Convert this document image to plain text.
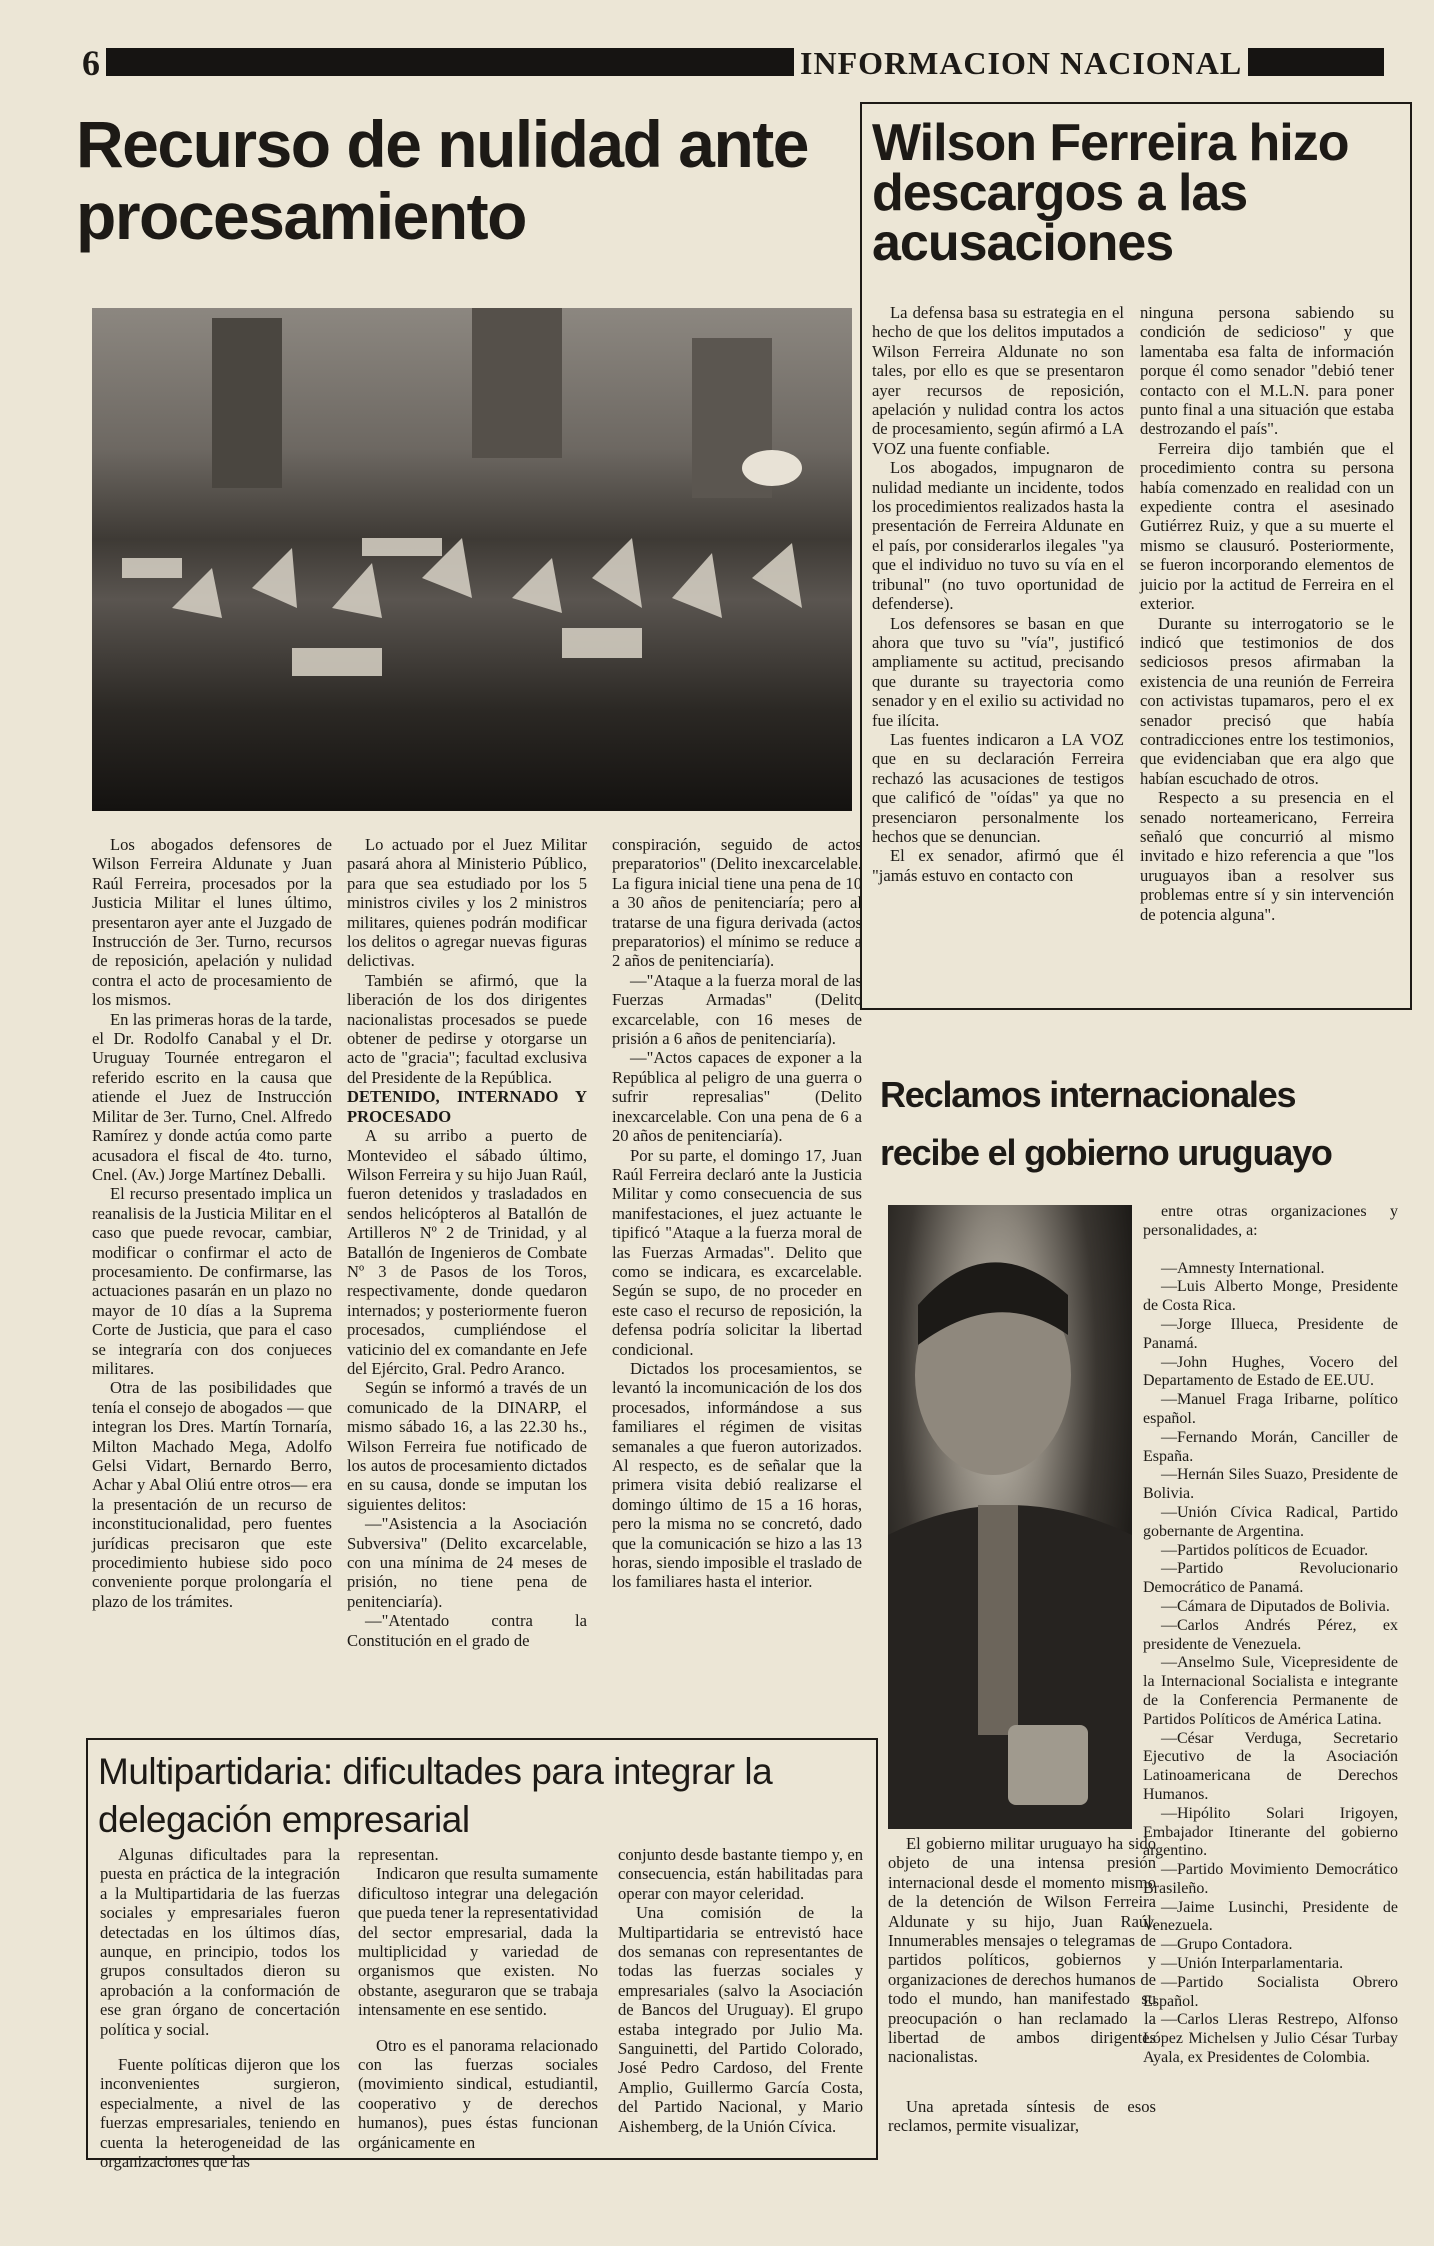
6	INFORMACION NACIONAL
Recurso de nulidad ante procesamiento

Los abogados defensores de Wilson Ferreira Aldunate y Juan Raúl Ferreira, procesados por la Justicia Militar el lunes último, presentaron ayer ante el Juzgado de Instrucción de 3er. Turno, recursos de reposición, apelación y nulidad contra el acto de procesamiento de los mismos.

En las primeras horas de la tarde, el Dr. Rodolfo Canabal y el Dr. Uruguay Tournée entregaron el referido escrito en la causa que atiende el Juez de Instrucción Militar de 3er. Turno, Cnel. Alfredo Ramírez y donde actúa como parte acusadora el fiscal de 4to. turno, Cnel. (Av.) Jorge Martínez Deballi.

El recurso presentado implica un reanalisis de la Justicia Militar en el caso que puede revocar, cambiar, modificar o confirmar el acto de procesamiento. De confirmarse, las actuaciones pasarán en un plazo no mayor de 10 días a la Suprema Corte de Justicia, que para el caso se integraría con dos conjueces militares.

Otra de las posibilidades que tenía el consejo de abogados — que integran los Dres. Martín Tornaría, Milton Machado Mega, Adolfo Gelsi Vidart, Bernardo Berro, Achar y Abal Oliú entre otros— era la presentación de un recurso de inconstitucionalidad, pero fuentes jurídicas precisaron que este procedimiento hubiese sido poco conveniente porque prolongaría el plazo de los trámites.

Lo actuado por el Juez Militar pasará ahora al Ministerio Público, para que sea estudiado por los 5 ministros civiles y los 2 ministros militares, quienes podrán modificar los delitos o agregar nuevas figuras delictivas.

También se afirmó, que la liberación de los dos dirigentes nacionalistas procesados se puede obtener de pedirse y otorgarse un acto de "gracia"; facultad exclusiva del Presidente de la República.

DETENIDO, INTERNADO Y PROCESADO

A su arribo a puerto de Montevideo el sábado último, Wilson Ferreira y su hijo Juan Raúl, fueron detenidos y trasladados en sendos helicópteros al Batallón de Artilleros Nº 2 de Trinidad, y al Batallón de Ingenieros de Combate Nº 3 de Pasos de los Toros, respectivamente, donde quedaron internados; y posteriormente fueron procesados, cumpliéndose el vaticinio del ex comandante en Jefe del Ejército, Gral. Pedro Aranco.

Según se informó a través de un comunicado de la DINARP, el mismo sábado 16, a las 22.30 hs., Wilson Ferreira fue notificado de los autos de procesamiento dictados en su causa, donde se imputan los siguientes delitos:

—"Asistencia a la Asociación Subversiva" (Delito excarcelable, con una mínima de 24 meses de prisión, no tiene pena de penitenciaría).

—"Atentado contra la Constitución en el grado de

conspiración, seguido de actos preparatorios" (Delito inexcarcelable. La figura inicial tiene una pena de 10 a 30 años de penitenciaría; pero al tratarse de una figura derivada (actos preparatorios) el mínimo se reduce a 2 años de penitenciaría).

—"Ataque a la fuerza moral de las Fuerzas Armadas" (Delito excarcelable, con 16 meses de prisión a 6 años de penitenciaría).

—"Actos capaces de exponer a la República al peligro de una guerra o sufrir represalias" (Delito inexcarcelable. Con una pena de 6 a 20 años de penitenciaría).

Por su parte, el domingo 17, Juan Raúl Ferreira declaró ante la Justicia Militar y como consecuencia de sus manifestaciones, el juez actuante le tipificó "Ataque a la fuerza moral de las Fuerzas Armadas". Delito que como se indicara, es excarcelable. Según se supo, de no proceder en este caso el recurso de reposición, la defensa podría solicitar la libertad condicional.

Dictados los procesamientos, se levantó la incomunicación de los dos procesados, informándose a sus familiares el régimen de visitas semanales a que fueron autorizados. Al respecto, es de señalar que la primera visita debió realizarse el domingo último de 15 a 16 horas, pero la misma no se concretó, dado que la comunicación se hizo a las 13 horas, siendo imposible el traslado de los familiares hasta el interior.

Wilson Ferreira hizo descargos a las acusaciones

La defensa basa su estrategia en el hecho de que los delitos imputados a Wilson Ferreira Aldunate no son tales, por ello es que se presentaron ayer recursos de reposición, apelación y nulidad contra los actos de procesamiento, según afirmó a LA VOZ una fuente confiable.

Los abogados, impugnaron de nulidad mediante un incidente, todos los procedimientos realizados hasta la presentación de Ferreira Aldunate en el país, por considerarlos ilegales "ya que el individuo no tuvo su vía en el tribunal" (no tuvo oportunidad de defenderse).

Los defensores se basan en que ahora que tuvo su "vía", justificó ampliamente su actitud, precisando que durante su trayectoria como senador y en el exilio su actividad no fue ilícita.

Las fuentes indicaron a LA VOZ que en su declaración Ferreira rechazó las acusaciones de testigos que calificó de "oídas" ya que no presenciaron personalmente los hechos que se denuncian.

El ex senador, afirmó que él "jamás estuvo en contacto con

ninguna persona sabiendo su condición de sedicioso" y que lamentaba esa falta de información porque él como senador "debió tener contacto con el M.L.N. para poner punto final a una situación que estaba destrozando el país".

Ferreira dijo también que el procedimiento contra su persona había comenzado en realidad con un expediente contra el asesinado Gutiérrez Ruiz, y que a su muerte el mismo se clausuró. Posteriormente, se fueron incorporando elementos de juicio por la actitud de Ferreira en el exterior.

Durante su interrogatorio se le indicó que testimonios de dos sediciosos presos afirmaban la existencia de una reunión de Ferreira con activistas tupamaros, pero el ex senador precisó que había contradicciones entre los testimonios, que evidenciaban que era algo que habían escuchado de otros.

Respecto a su presencia en el senado norteamericano, Ferreira señaló que concurrió al mismo invitado e hizo referencia a que "los uruguayos iban a resolver sus problemas entre sí y sin intervención de potencia alguna".

Reclamos internacionales recibe el gobierno uruguayo

El gobierno militar uruguayo ha sido objeto de una intensa presión internacional desde el momento mismo de la detención de Wilson Ferreira Aldunate y su hijo, Juan Raúl. Innumerables mensajes o telegramas de partidos políticos, gobiernos y organizaciones de derechos humanos de todo el mundo, han manifestado su preocupación o han reclamado la libertad de ambos dirigentes nacionalistas.

Una apretada síntesis de esos reclamos, permite visualizar,

entre otras organizaciones y personalidades, a:

—Amnesty International.

—Luis Alberto Monge, Presidente de Costa Rica.

—Jorge Illueca, Presidente de Panamá.

—John Hughes, Vocero del Departamento de Estado de EE.UU.

—Manuel Fraga Iribarne, político español.

—Fernando Morán, Canciller de España.

—Hernán Siles Suazo, Presidente de Bolivia.

—Unión Cívica Radical, Partido gobernante de Argentina.

—Partidos políticos de Ecuador.

—Partido Revolucionario Democrático de Panamá.

—Cámara de Diputados de Bolivia.

—Carlos Andrés Pérez, ex presidente de Venezuela.

—Anselmo Sule, Vicepresidente de la Internacional Socialista e integrante de la Conferencia Permanente de Partidos Políticos de América Latina.

—César Verduga, Secretario Ejecutivo de la Asociación Latinoamericana de Derechos Humanos.

—Hipólito Solari Irigoyen, Embajador Itinerante del gobierno argentino.

—Partido Movimiento Democrático Brasileño.

—Jaime Lusinchi, Presidente de Venezuela.

—Grupo Contadora.

—Unión Interparlamentaria.

—Partido Socialista Obrero Español.

—Carlos Lleras Restrepo, Alfonso López Michelsen y Julio César Turbay Ayala, ex Presidentes de Colombia.

Multipartidaria: dificultades para integrar la delegación empresarial

Algunas dificultades para la puesta en práctica de la integración a la Multipartidaria de las fuerzas sociales y empresariales fueron detectadas en los últimos días, aunque, en principio, todos los grupos consultados dieron su aprobación a la conformación de ese gran órgano de concertación política y social.

Fuente políticas dijeron que los inconvenientes surgieron, especialmente, a nivel de las fuerzas empresariales, teniendo en cuenta la heterogeneidad de las organizaciones que las

representan.

Indicaron que resulta sumamente dificultoso integrar una delegación que pueda tener la representatividad del sector empresarial, dada la multiplicidad y variedad de organismos que existen. No obstante, aseguraron que se trabaja intensamente en ese sentido.

Otro es el panorama relacionado con las fuerzas sociales (movimiento sindical, estudiantil, cooperativo y de derechos humanos), pues éstas funcionan orgánicamente en

conjunto desde bastante tiempo y, en consecuencia, están habilitadas para operar con mayor celeridad.

Una comisión de la Multipartidaria se entrevistó hace dos semanas con representantes de todas las fuerzas sociales y empresariales (salvo la Asociación de Bancos del Uruguay). El grupo estaba integrado por Julio Ma. Sanguinetti, del Partido Colorado, José Pedro Cardoso, del Frente Amplio, Guillermo García Costa, del Partido Nacional, y Mario Aishemberg, de la Unión Cívica.
